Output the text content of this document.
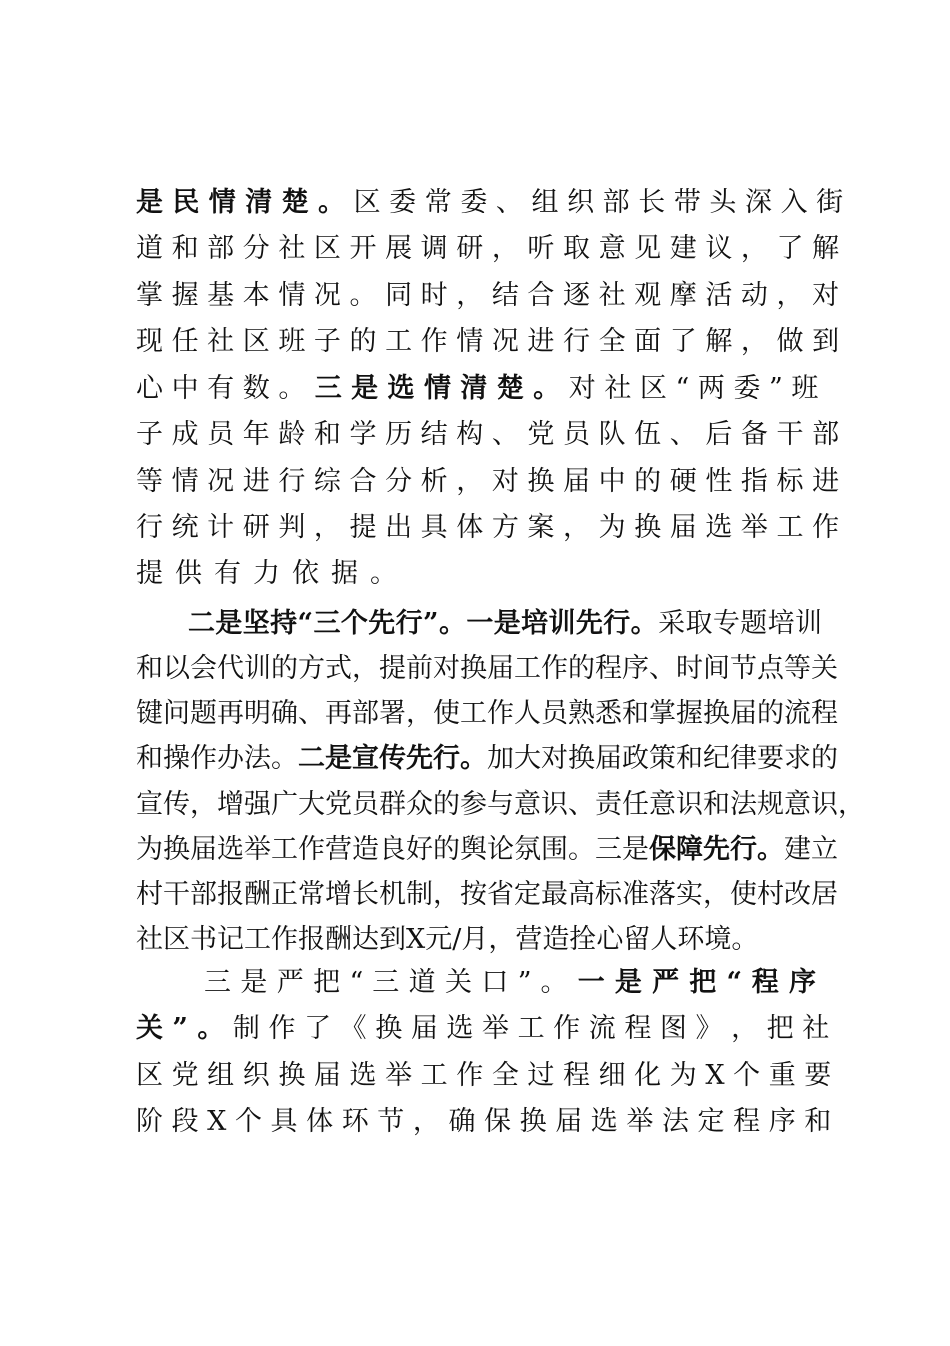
是 民 情 清 楚 。 区 委 常 委 、 组 织 部 长 带 头 深 入 街
道 和 部 分 社 区 开 展 调 研 ， 听 取 意 见 建 议 ， 了 解
掌 握 基 本 情 况 。 同 时 ， 结 合 逐 社 观 摩 活 动 ， 对
现 任 社 区 班 子 的 工 作 情 况 进 行 全 面 了 解 ， 做 到
心 中 有 数 。 三 是 选 情 清 楚 。 对 社 区 “ 两 委 ” 班
子 成 员 年 龄 和 学 历 结 构 、 党 员 队 伍 、 后 备 干 部
等 情 况 进 行 综 合 分 析 ， 对 换 届 中 的 硬 性 指 标 进
行 统 计 研 判 ， 提 出 具 体 方 案 ， 为 换 届 选 举 工 作
提供有力依据。
二是坚持“三个先行”。一是培训先行。采取专题培训
和以会代训的方式，提前对换届工作的程序、时间节点等关
键问题再明确、再部署，使工作人员熟悉和掌握换届的流程
和操作办法。二是宣传先行。加大对换届政策和纪律要求的
宣传，增强广大党员群众的参与意识、责任意识和法规意识，
为换届选举工作营造良好的舆论氛围。三是保障先行。建立
村干部报酬正常增长机制，按省定最高标准落实，使村改居
社区书记工作报酬达到X元/月，营造拴心留人环境。
三 是 严 把 “ 三 道 关 口 ” 。 一 是 严 把 “ 程 序
关 ” 。 制 作 了 《 换 届 选 举 工 作 流 程 图 》 ， 把 社
区 党 组 织 换 届 选 举 工 作 全 过 程 细 化 为 X 个 重 要
阶 段 X 个 具 体 环 节 ， 确 保 换 届 选 举 法 定 程 序 和
